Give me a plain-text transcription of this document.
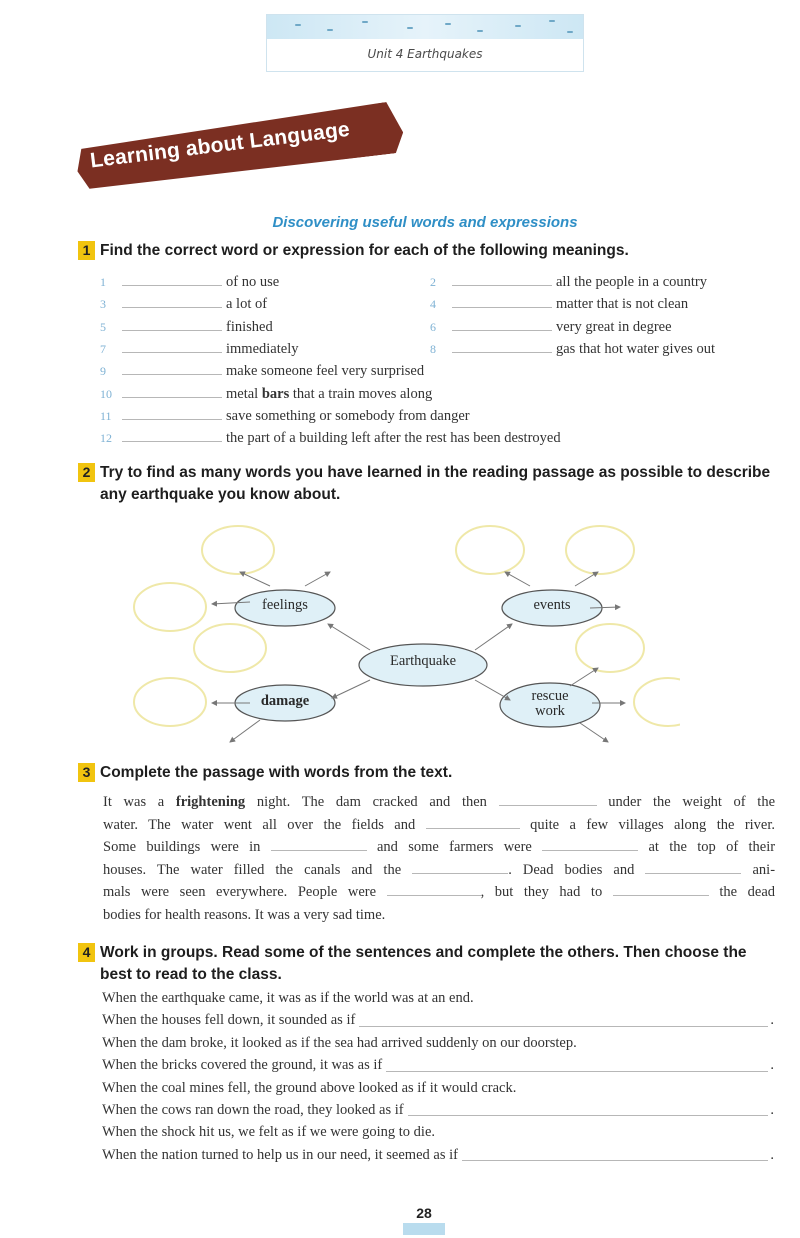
Unit 4 Earthquakes
Learning about Language
Discovering useful words and expressions
1 Find the correct word or expression for each of the following meanings.
1	of no use	2	all the people in a country
3	a lot of	4	matter that is not clean
5	finished	6	very great in degree
7	immediately	8	gas that hot water gives out
9	make someone feel very surprised
10	metal bars that a train moves along
11	save something or somebody from danger
12	the part of a building left after the rest has been destroyed
2 Try to find as many words you have learned in the reading passage as possible to describe any earthquake you know about.
feelings	events
Earthquake
damage	rescue
work
3 Complete the passage with words from the text.
It was a frightening night. The dam cracked and then	under the weight of the
water. The water went all over the fields and	quite a few villages along the river.
Some buildings were in	and some farmers were	at the top of their
houses. The water filled the canals and the	. Dead bodies and	ani-
mals were seen everywhere. People were	, but they had to	the dead
bodies for health reasons. It was a very sad time.
4 Work in groups. Read some of the sentences and complete the others. Then choose the best to read to the class.
When the earthquake came, it was as if the world was at an end.
When the houses fell down, it sounded as if	.
When the dam broke, it looked as if the sea had arrived suddenly on our doorstep.
When the bricks covered the ground, it was as if	.
When the coal mines fell, the ground above looked as if it would crack.
When the cows ran down the road, they looked as if	.
When the shock hit us, we felt as if we were going to die.
When the nation turned to help us in our need, it seemed as if	.
28
